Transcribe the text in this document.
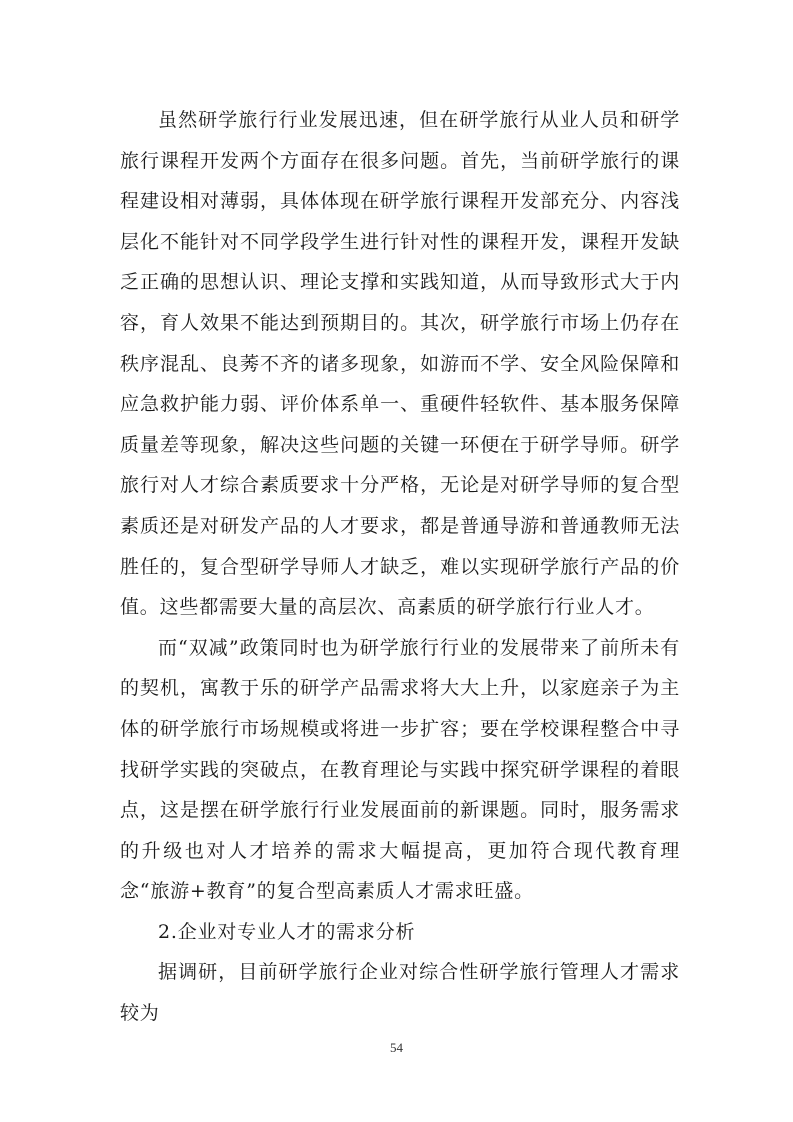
虽然研学旅行行业发展迅速，但在研学旅行从业人员和研学旅行课程开发两个方面存在很多问题。首先，当前研学旅行的课程建设相对薄弱，具体体现在研学旅行课程开发部充分、内容浅层化不能针对不同学段学生进行针对性的课程开发，课程开发缺乏正确的思想认识、理论支撑和实践知道，从而导致形式大于内容，育人效果不能达到预期目的。其次，研学旅行市场上仍存在秩序混乱、良莠不齐的诸多现象，如游而不学、安全风险保障和应急救护能力弱、评价体系单一、重硬件轻软件、基本服务保障质量差等现象，解决这些问题的关键一环便在于研学导师。研学旅行对人才综合素质要求十分严格，无论是对研学导师的复合型素质还是对研发产品的人才要求，都是普通导游和普通教师无法胜任的，复合型研学导师人才缺乏，难以实现研学旅行产品的价值。这些都需要大量的高层次、高素质的研学旅行行业人才。

而“双减”政策同时也为研学旅行行业的发展带来了前所未有的契机，寓教于乐的研学产品需求将大大上升，以家庭亲子为主体的研学旅行市场规模或将进一步扩容；要在学校课程整合中寻找研学实践的突破点，在教育理论与实践中探究研学课程的着眼点，这是摆在研学旅行行业发展面前的新课题。同时，服务需求的升级也对人才培养的需求大幅提高，更加符合现代教育理念“旅游+教育”的复合型高素质人才需求旺盛。

2.企业对专业人才的需求分析

据调研，目前研学旅行企业对综合性研学旅行管理人才需求较为

54
